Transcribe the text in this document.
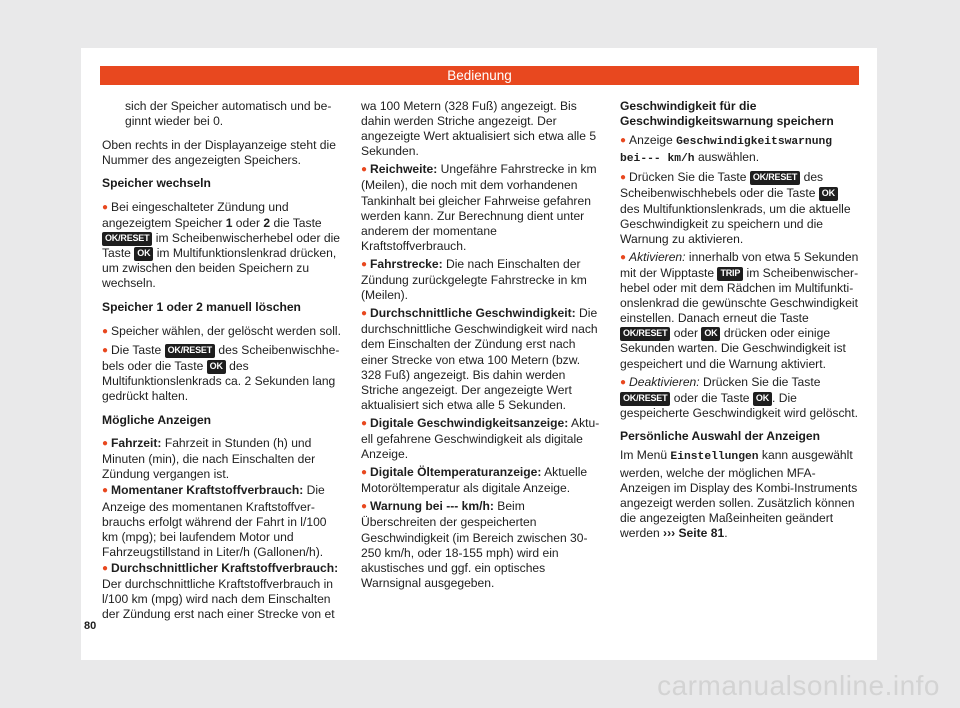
Bedienung

sich der Speicher automatisch und beginnt wieder bei 0.

Oben rechts in der Displayanzeige steht die Nummer des angezeigten Speichers.

Speicher wechseln

● Bei eingeschalteter Zündung und angezeigtem Speicher 1 oder 2 die Taste OK/RESET im Scheibenwischerhebel oder die Taste OK im Multifunktionslenkrad drücken, um zwischen den beiden Speichern zu wechseln.

Speicher 1 oder 2 manuell löschen

● Speicher wählen, der gelöscht werden soll.

● Die Taste OK/RESET des Scheibenwischhebels oder die Taste OK des Multifunktionslenkrads ca. 2 Sekunden lang gedrückt halten.

Mögliche Anzeigen

● Fahrzeit: Fahrzeit in Stunden (h) und Minuten (min), die nach Einschalten der Zündung vergangen ist.

● Momentaner Kraftstoffverbrauch: Die Anzeige des momentanen Kraftstoffverbrauchs erfolgt während der Fahrt in l/100 km (mpg); bei laufendem Motor und Fahrzeugstillstand in Liter/h (Gallonen/h).

● Durchschnittlicher Kraftstoffverbrauch: Der durchschnittliche Kraftstoffverbrauch in l/100 km (mpg) wird nach dem Einschalten der Zündung erst nach einer Strecke von et

wa 100 Metern (328 Fuß) angezeigt. Bis dahin werden Striche angezeigt. Der angezeigte Wert aktualisiert sich etwa alle 5 Sekunden.

● Reichweite: Ungefähre Fahrstrecke in km (Meilen), die noch mit dem vorhandenen Tankinhalt bei gleicher Fahrweise gefahren werden kann. Zur Berechnung dient unter anderem der momentane Kraftstoffverbrauch.

● Fahrstrecke: Die nach Einschalten der Zündung zurückgelegte Fahrstrecke in km (Meilen).

● Durchschnittliche Geschwindigkeit: Die durchschnittliche Geschwindigkeit wird nach dem Einschalten der Zündung erst nach einer Strecke von etwa 100 Metern (bzw. 328 Fuß) angezeigt. Bis dahin werden Striche angezeigt. Der angezeigte Wert aktualisiert sich etwa alle 5 Sekunden.

● Digitale Geschwindigkeitsanzeige: Aktuell gefahrene Geschwindigkeit als digitale Anzeige.

● Digitale Öltemperaturanzeige: Aktuelle Motoröltemperatur als digitale Anzeige.

● Warnung bei --- km/h: Beim Überschreiten der gespeicherten Geschwindigkeit (im Bereich zwischen 30-250 km/h, oder 18-155 mph) wird ein akustisches und ggf. ein optisches Warnsignal ausgegeben.

Geschwindigkeit für die Geschwindigkeitswarnung speichern

● Anzeige Geschwindigkeitswarnung bei--- km/h auswählen.

● Drücken Sie die Taste OK/RESET des Scheibenwischhebels oder die Taste OK des Multifunktionslenkrads, um die aktuelle Geschwindigkeit zu speichern und die Warnung zu aktivieren.

● Aktivieren: innerhalb von etwa 5 Sekunden mit der Wipptaste TRIP im Scheibenwischerhebel oder mit dem Rädchen im Multifunktionslenkrad die gewünschte Geschwindigkeit einstellen. Danach erneut die Taste OK/RESET oder OK drücken oder einige Sekunden warten. Die Geschwindigkeit ist gespeichert und die Warnung aktiviert.

● Deaktivieren: Drücken Sie die Taste OK/RESET oder die Taste OK . Die gespeicherte Geschwindigkeit wird gelöscht.

Persönliche Auswahl der Anzeigen

Im Menü Einstellungen kann ausgewählt werden, welche der möglichen MFA-Anzeigen im Display des Kombi-Instruments angezeigt werden sollen. Zusätzlich können die angezeigten Maßeinheiten geändert werden ››› Seite 81.

80
carmanualsonline.info
